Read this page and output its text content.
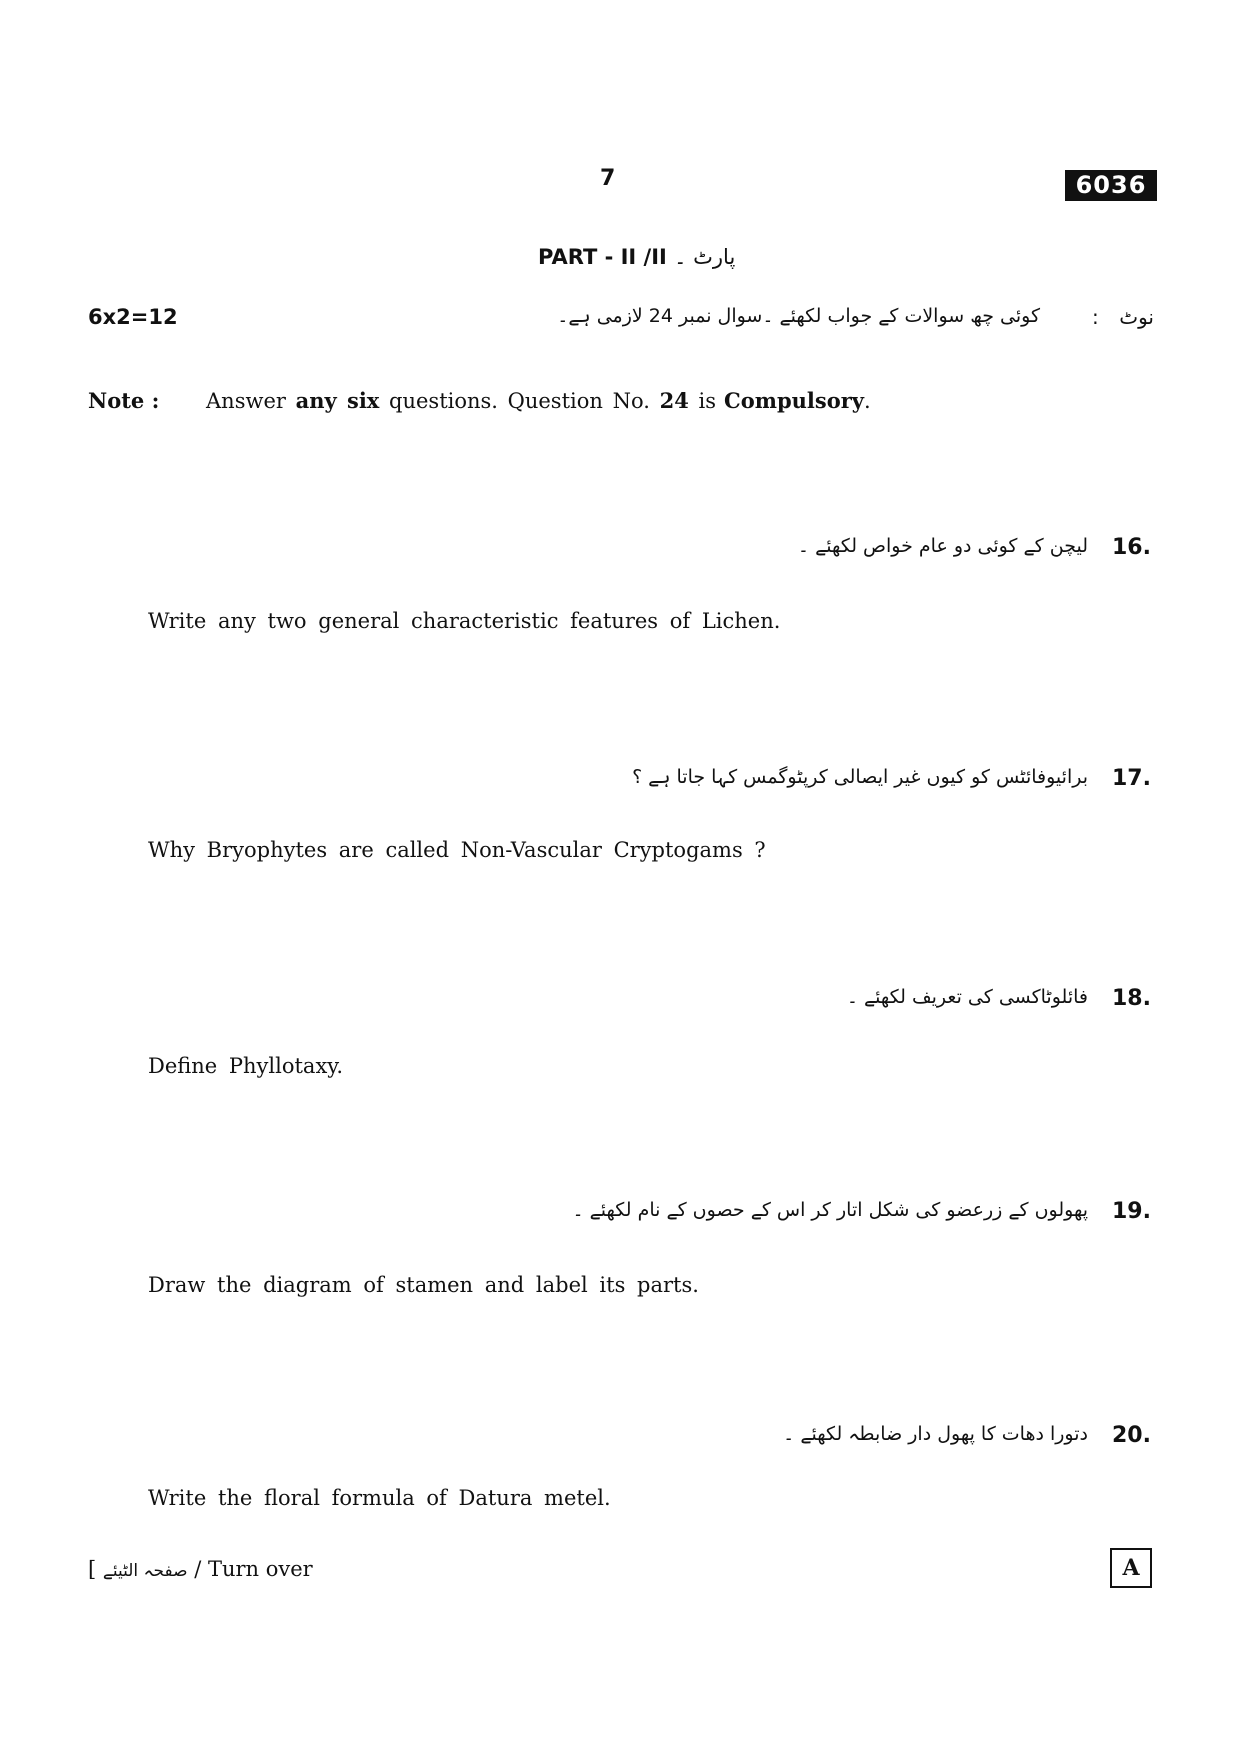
7	6036
PART - II /II پارٹ ۔
6x2=12	نوٹ
:
کوئی چھ سوالات کے جواب لکھئے ۔سوال نمبر 24 لازمی ہے۔
Note : Answer any six questions. Question No. 24 is Compulsory.
16.
لیچن کے کوئی دو عام خواص لکھئے ۔
Write any two general characteristic features of Lichen.
17.
برائیوفائٹس کو کیوں غیر ایصالی کرپٹوگمس کہا جاتا ہے ؟
Why Bryophytes are called Non-Vascular Cryptogams ?
18.
فائلوٹاکسی کی تعریف لکھئے ۔
Define Phyllotaxy.
19.
پھولوں کے زرعضو کی شکل اتار کر اس کے حصوں کے نام لکھئے ۔
Draw the diagram of stamen and label its parts.
20.
دتورا دھات کا پھول دار ضابطہ لکھئے ۔
Write the floral formula of Datura metel.
[ صفحہ الٹیئے / Turn over	A
